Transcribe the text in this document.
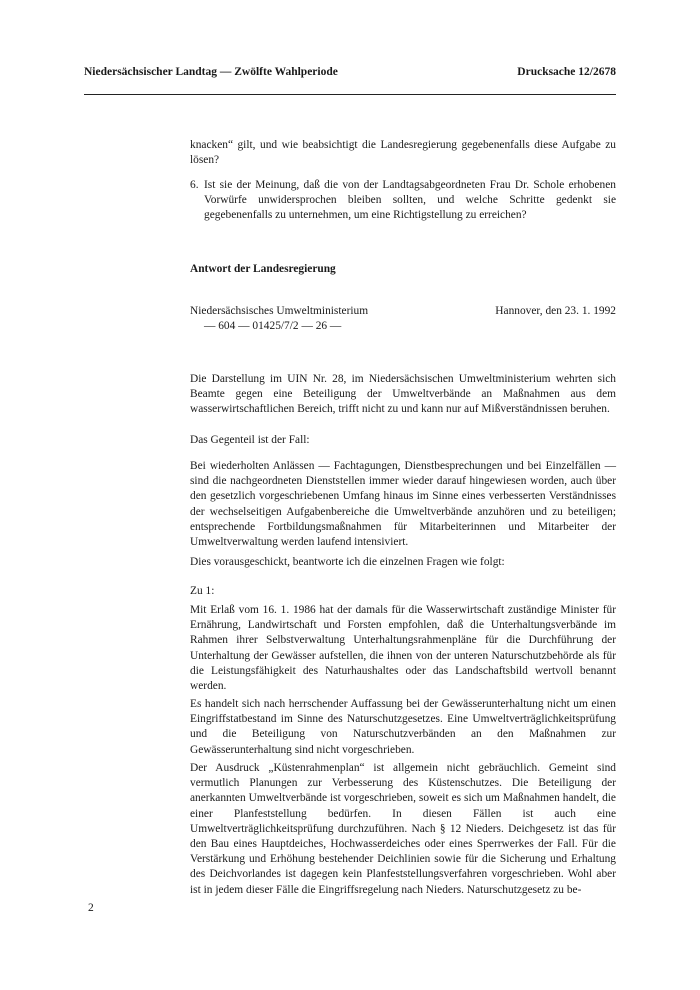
Niedersächsischer Landtag — Zwölfte Wahlperiode	Drucksache 12/2678

knacken“ gilt, und wie beabsichtigt die Landesregierung gegebenenfalls diese Aufgabe zu lösen?

6. Ist sie der Meinung, daß die von der Landtagsabgeordneten Frau Dr. Schole erhobenen Vorwürfe unwidersprochen bleiben sollten, und welche Schritte gedenkt sie gegebenenfalls zu unternehmen, um eine Richtigstellung zu erreichen?
Antwort der Landesregierung
Niedersächsisches Umweltministerium
— 604 — 01425/7/2 — 26 —
Hannover, den 23. 1. 1992

Die Darstellung im UIN Nr. 28, im Niedersächsischen Umweltministerium wehrten sich Beamte gegen eine Beteiligung der Umweltverbände an Maßnahmen aus dem wasserwirtschaftlichen Bereich, trifft nicht zu und kann nur auf Mißverständnissen beruhen.

Das Gegenteil ist der Fall:

Bei wiederholten Anlässen — Fachtagungen, Dienstbesprechungen und bei Einzelfällen — sind die nachgeordneten Dienststellen immer wieder darauf hingewiesen worden, auch über den gesetzlich vorgeschriebenen Umfang hinaus im Sinne eines verbesserten Verständnisses der wechselseitigen Aufgabenbereiche die Umweltverbände anzuhören und zu beteiligen; entsprechende Fortbildungsmaßnahmen für Mitarbeiterinnen und Mitarbeiter der Umweltverwaltung werden laufend intensiviert.

Dies vorausgeschickt, beantworte ich die einzelnen Fragen wie folgt:

Zu 1:

Mit Erlaß vom 16. 1. 1986 hat der damals für die Wasserwirtschaft zuständige Minister für Ernährung, Landwirtschaft und Forsten empfohlen, daß die Unterhaltungsverbände im Rahmen ihrer Selbstverwaltung Unterhaltungsrahmenpläne für die Durchführung der Unterhaltung der Gewässer aufstellen, die ihnen von der unteren Naturschutzbehörde als für die Leistungsfähigkeit des Naturhaushaltes oder das Landschaftsbild wertvoll benannt werden.

Es handelt sich nach herrschender Auffassung bei der Gewässerunterhaltung nicht um einen Eingriffstatbestand im Sinne des Naturschutzgesetzes. Eine Umweltverträglichkeitsprüfung und die Beteiligung von Naturschutzverbänden an den Maßnahmen zur Gewässerunterhaltung sind nicht vorgeschrieben.

Der Ausdruck „Küstenrahmenplan“ ist allgemein nicht gebräuchlich. Gemeint sind vermutlich Planungen zur Verbesserung des Küstenschutzes. Die Beteiligung der anerkannten Umweltverbände ist vorgeschrieben, soweit es sich um Maßnahmen handelt, die einer Planfeststellung bedürfen. In diesen Fällen ist auch eine Umweltverträglichkeitsprüfung durchzuführen. Nach § 12 Nieders. Deichgesetz ist das für den Bau eines Hauptdeiches, Hochwasserdeiches oder eines Sperrwerkes der Fall. Für die Verstärkung und Erhöhung bestehender Deichlinien sowie für die Sicherung und Erhaltung des Deichvorlandes ist dagegen kein Planfeststellungsverfahren vorgeschrieben. Wohl aber ist in jedem dieser Fälle die Eingriffsregelung nach Nieders. Naturschutzgesetz zu be-

2
